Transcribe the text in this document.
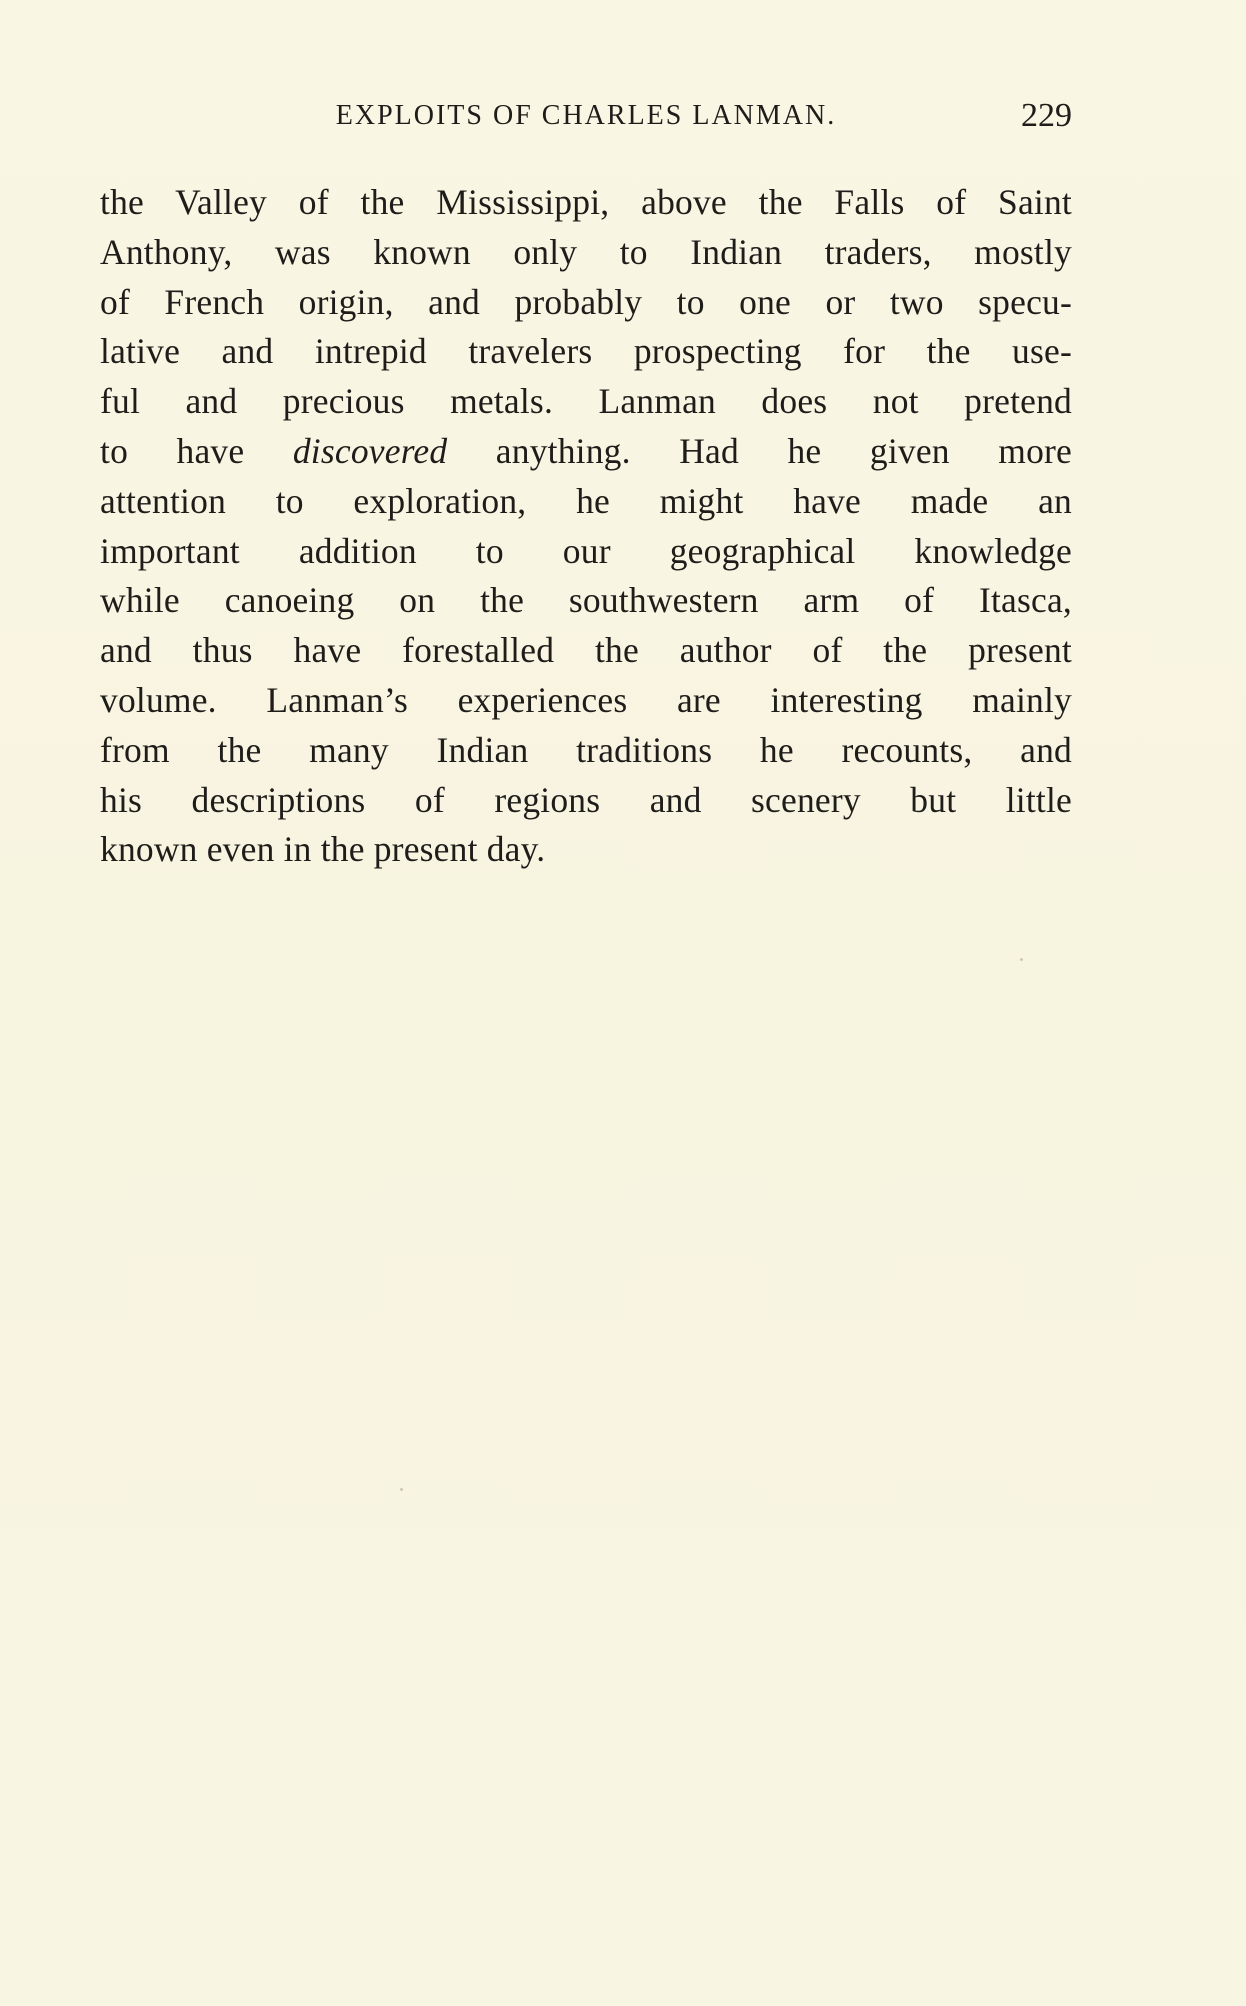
EXPLOITS OF CHARLES LANMAN.	229
the Valley of the Mississippi, above the Falls of Saint
Anthony, was known only to Indian traders, mostly
of French origin, and probably to one or two specu-
lative and intrepid travelers prospecting for the use-
ful and precious metals. Lanman does not pretend
to have discovered anything. Had he given more
attention to exploration, he might have made an
important addition to our geographical knowledge
while canoeing on the southwestern arm of Itasca,
and thus have forestalled the author of the present
volume. Lanman’s experiences are interesting mainly
from the many Indian traditions he recounts, and
his descriptions of regions and scenery but little
known even in the present day.
